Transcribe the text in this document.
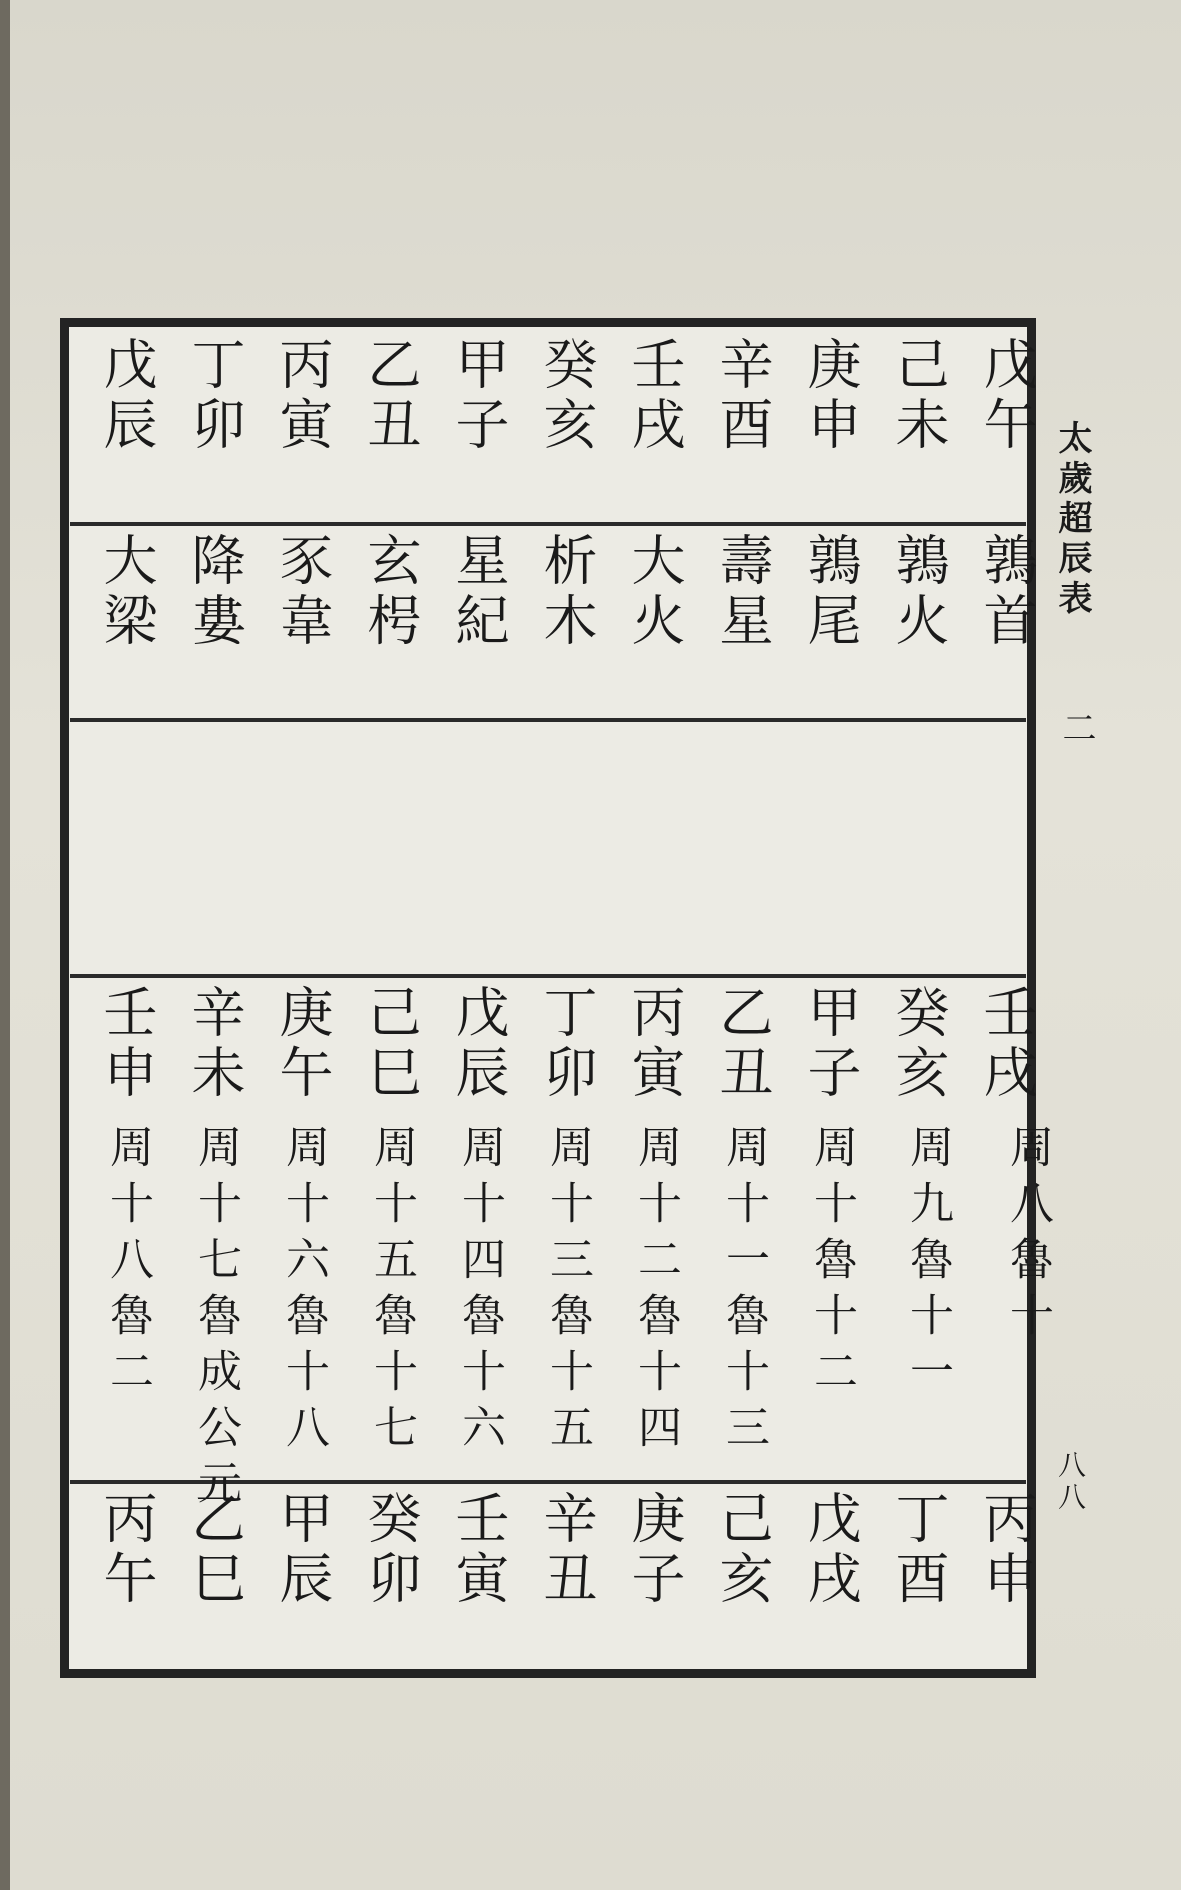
太歲超辰表
二
八八
戊午
己未
庚申
辛酉
壬戌
癸亥
甲子
乙丑
丙寅
丁卯
戊辰
鶉首
鶉火
鶉尾
壽星
大火
析木
星紀
玄枵
豕韋
降婁
大梁
壬戌
周八魯十
癸亥
周九魯十一
甲子
周十魯十二
乙丑
周十一魯十三
丙寅
周十二魯十四
丁卯
周十三魯十五
戊辰
周十四魯十六
己巳
周十五魯十七
庚午
周十六魯十八
辛未
周十七魯成公元
壬申
周十八魯二
丙申
丁酉
戊戌
己亥
庚子
辛丑
壬寅
癸卯
甲辰
乙巳
丙午
